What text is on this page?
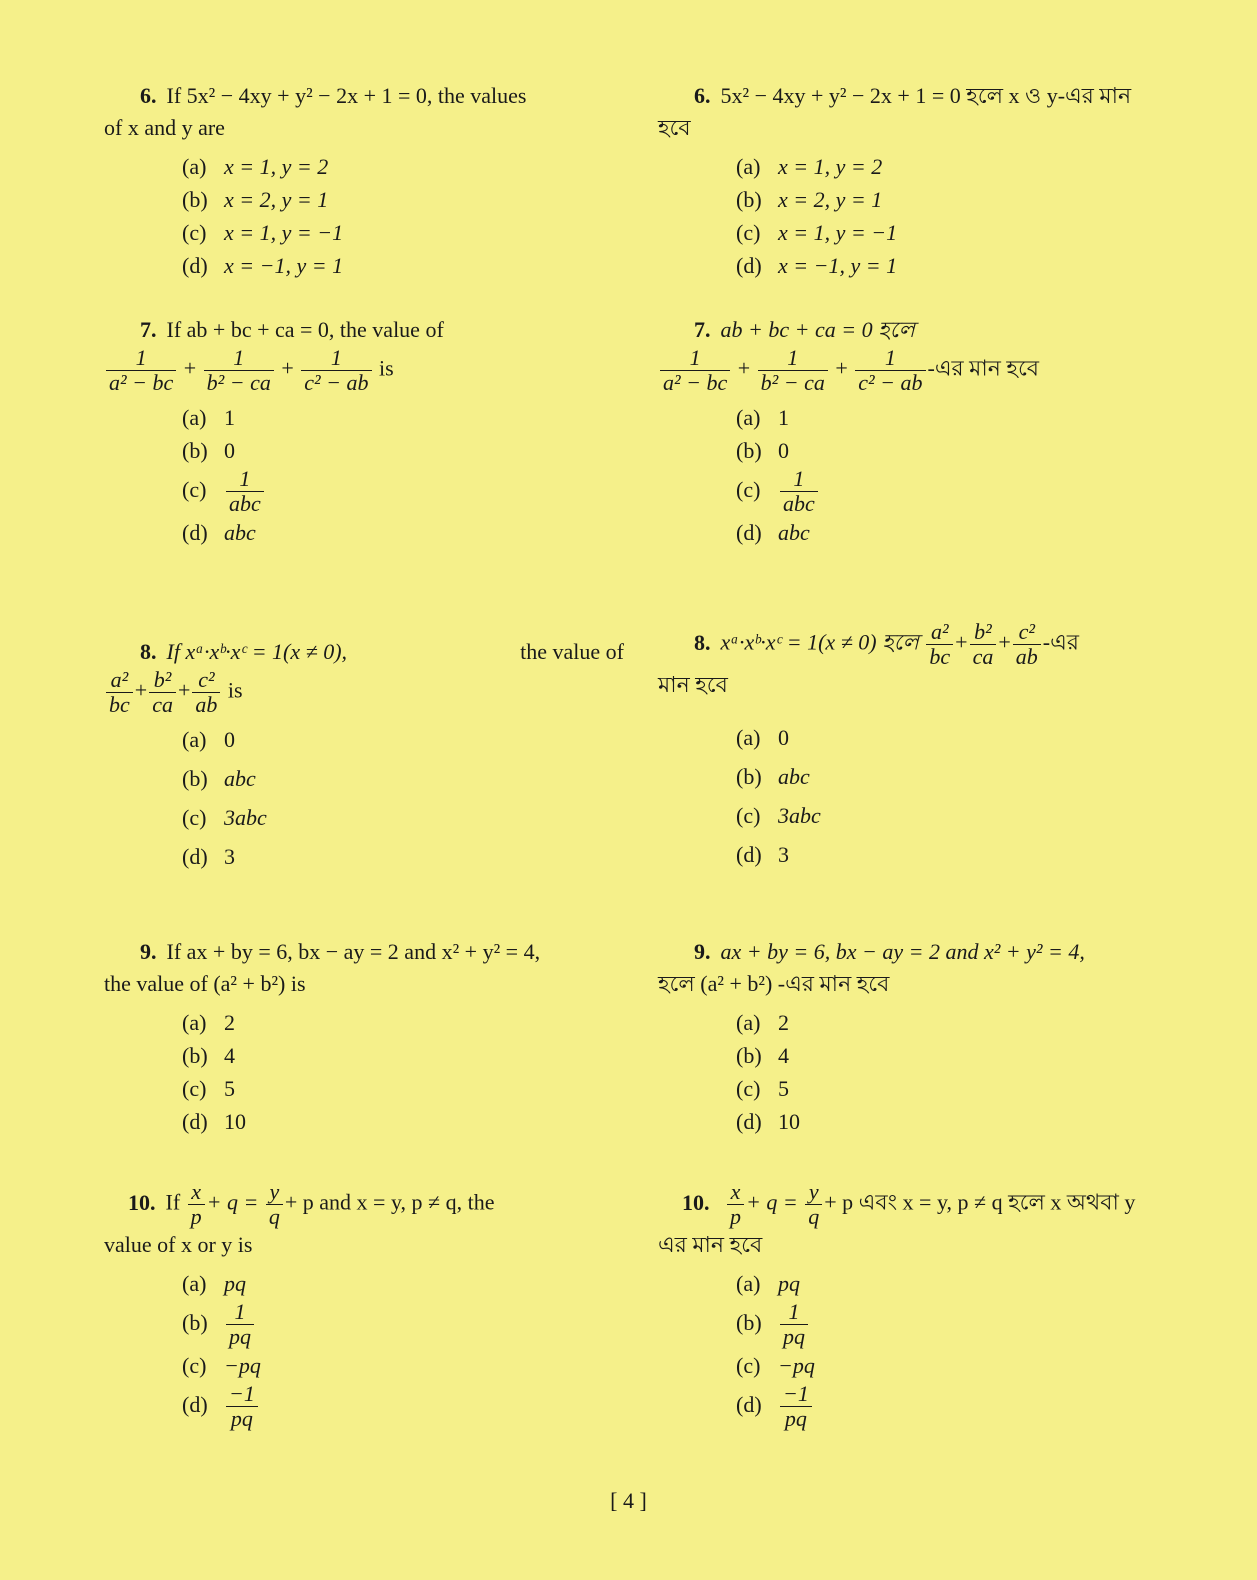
6. If 5x² − 4xy + y² − 2x + 1 = 0, the values
of x and y are
(a) x = 1, y = 2
(b) x = 2, y = 1
(c) x = 1, y = −1
(d) x = −1, y = 1
7. If ab + bc + ca = 0, the value of
$\frac{1}{\text{a² − bc}} + \frac{1}{\text{b² − ca}} + \frac{1}{\text{c² − ab}}$ is
(a) 1
(b) 0
$(c) \frac{1}{\text{abc}}$
(d) abc
8. If xᵃ·xᵇ·xᶜ = 1(x ≠ 0),	the value of
$\frac{\text{a²}}{bc} + \frac{\text{b²}}{ca} + \frac{\text{c²}}{ab}$ is
(a) 0
(b) abc
(c) 3abc
(d) 3
9. If ax + by = 6, bx − ay = 2 and x² + y² = 4,
the value of (a² + b²) is
(a) 2
(b) 4
(c) 5
(d) 10
10. If $\frac{x}{p} + q = \frac{y}{q} + p$ and x = y, p ≠ q, the
value of x or y is
(a) pq
$(b) \frac{1}{pq}$
(c) −pq
$(d) \frac{-1}{pq}$
6. 5x² − 4xy + y² − 2x + 1 = 0 হলে x ও y-এর মান
হবে
(a) x = 1, y = 2
(b) x = 2, y = 1
(c) x = 1, y = −1
(d) x = −1, y = 1
7. ab + bc + ca = 0 হলে
$\frac{1}{\text{a² − bc}} + \frac{1}{\text{b² − ca}} + \frac{1}{\text{c² − ab}}$ -এর মান হবে
(a) 1
(b) 0
$(c) \frac{1}{\text{abc}}$
(d) abc
8. xᵃ·xᵇ·xᶜ = 1(x ≠ 0) হলে $\frac{\text{a²}}{bc} + \frac{\text{b²}}{ca} + \frac{\text{c²}}{ab}$ -এর
মান হবে
(a) 0
(b) abc
(c) 3abc
(d) 3
9. ax + by = 6, bx − ay = 2 and x² + y² = 4,
হলে (a² + b²) -এর মান হবে
(a) 2
(b) 4
(c) 5
(d) 10
10. $\frac{x}{p} + q = \frac{y}{q} + p$ এবং x = y, p ≠ q হলে x অথবা y
এর মান হবে
(a) pq
$(b) \frac{1}{pq}$
(c) −pq
$(d) \frac{-1}{pq}$
[ 4 ]
